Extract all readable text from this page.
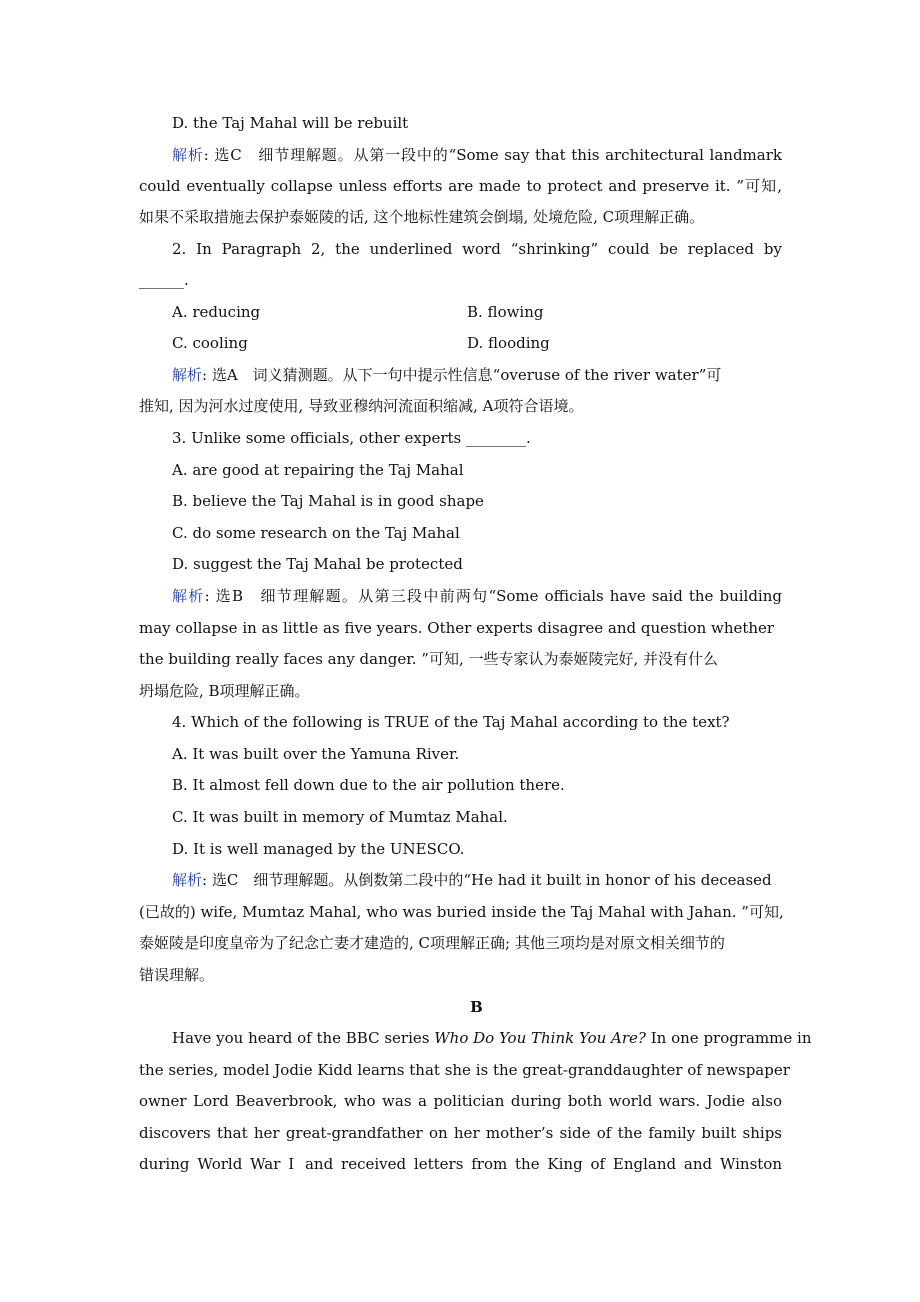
D. the Taj Mahal will be rebuilt
解析: 选C　细节理解题。从第一段中的“Some say that this architectural landmark
could eventually collapse unless efforts are made to protect and preserve it. ”可知,
如果不采取措施去保护泰姬陵的话, 这个地标性建筑会倒塌, 处境危险, C项理解正确。
2. In Paragraph 2, the underlined word “shrinking” could be replaced by
______.
A. reducing	B. flowing
C. cooling	D. flooding
解析: 选A　词义猜测题。从下一句中提示性信息“overuse of the river water”可
推知, 因为河水过度使用, 导致亚穆纳河流面积缩减, A项符合语境。
3. Unlike some officials, other experts ________.
A. are good at repairing the Taj Mahal
B. believe the Taj Mahal is in good shape
C. do some research on the Taj Mahal
D. suggest the Taj Mahal be protected
解析: 选B　细节理解题。从第三段中前两句“Some officials have said the building
may collapse in as little as five years. Other experts disagree and question whether
the building really faces any danger. ”可知, 一些专家认为泰姬陵完好, 并没有什么
坍塌危险, B项理解正确。
4. Which of the following is TRUE of the Taj Mahal according to the text?
A. It was built over the Yamuna River.
B. It almost fell down due to the air pollution there.
C. It was built in memory of Mumtaz Mahal.
D. It is well managed by the UNESCO.
解析: 选C　细节理解题。从倒数第二段中的“He had it built in honor of his deceased
(已故的) wife, Mumtaz Mahal, who was buried inside the Taj Mahal with Jahan. ”可知,
泰姬陵是印度皇帝为了纪念亡妻才建造的, C项理解正确; 其他三项均是对原文相关细节的
错误理解。
B
Have you heard of the BBC series Who Do You Think You Are? In one programme in
the series, model Jodie Kidd learns that she is the great-granddaughter of newspaper
owner Lord Beaverbrook, who was a politician during both world wars. Jodie also
discovers that her great-grandfather on her mother’s side of the family built ships
during World War Ⅰ and received letters from the King of England and Winston
